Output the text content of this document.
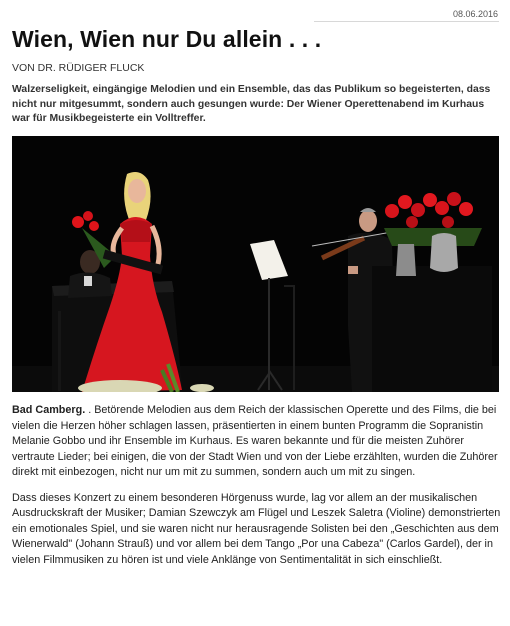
08.06.2016
Wien, Wien nur Du allein . . .
VON DR. RÜDIGER FLUCK
Walzerseligkeit, eingängige Melodien und ein Ensemble, das das Publikum so begeisterten, dass nicht nur mitgesummt, sondern auch gesungen wurde: Der Wiener Operettenabend im Kurhaus war für Musikbegeisterte ein Volltreffer.

Bad Camberg. . Betörende Melodien aus dem Reich der klassischen Operette und des Films, die bei vielen die Herzen höher schlagen lassen, präsentierten in einem bunten Programm die Sopranistin Melanie Gobbo und ihr Ensemble im Kurhaus. Es waren bekannte und für die meisten Zuhörer vertraute Lieder; bei einigen, die von der Stadt Wien und von der Liebe erzählten, wurden die Zuhörer direkt mit einbezogen, nicht nur um mit zu summen, sondern auch um mit zu singen.

Dass dieses Konzert zu einem besonderen Hörgenuss wurde, lag vor allem an der musikalischen Ausdruckskraft der Musiker; Damian Szewczyk am Flügel und Leszek Saletra (Violine) demonstrierten ein emotionales Spiel, und sie waren nicht nur herausragende Solisten bei den „Geschichten aus dem Wienerwald" (Johann Strauß) und vor allem bei dem Tango „Por una Cabeza" (Carlos Gardel), der in vielen Filmmusiken zu hören ist und viele Anklänge von Sentimentalität in sich einschließt.
